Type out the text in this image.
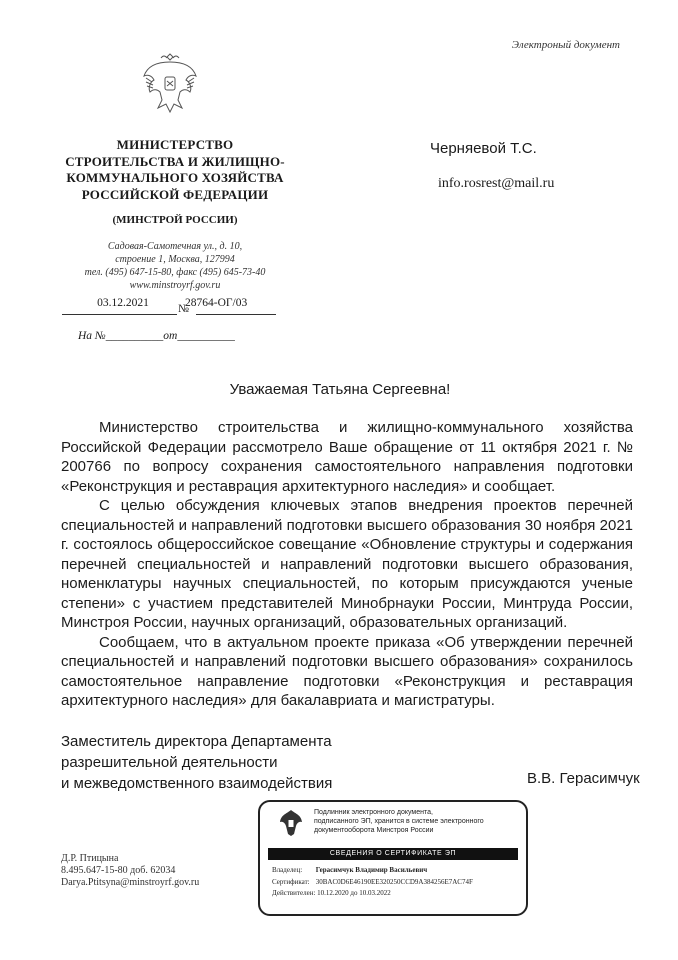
Электроный документ
МИНИСТЕРСТВО
СТРОИТЕЛЬСТВА И ЖИЛИЩНО-
КОММУНАЛЬНОГО ХОЗЯЙСТВА
РОССИЙСКОЙ ФЕДЕРАЦИИ
(МИНСТРОЙ РОССИИ)
Садовая-Самотечная ул., д. 10,
строение 1, Москва, 127994
тел. (495) 647-15-80, факс (495) 645-73-40
www.minstroyrf.gov.ru
03.12.2021	№
28764-ОГ/03
На №__________от__________
Черняевой Т.С.
info.rosrest@mail.ru
Уважаемая Татьяна Сергеевна!

Министерство строительства и жилищно-коммунального хозяйства Российской Федерации рассмотрело Ваше обращение от 11 октября 2021 г. № 200766 по вопросу сохранения самостоятельного направления подготовки «Реконструкция и реставрация архитектурного наследия» и сообщает.

С целью обсуждения ключевых этапов внедрения проектов перечней специальностей и направлений подготовки высшего образования 30 ноября 2021 г. состоялось общероссийское совещание «Обновление структуры и содержания перечней специальностей и направлений подготовки высшего образования, номенклатуры научных специальностей, по которым присуждаются ученые степени» с участием представителей Минобрнауки России, Минтруда России, Минстроя России, научных организаций, образовательных организаций.

Сообщаем, что в актуальном проекте приказа «Об утверждении перечней специальностей и направлений подготовки высшего образования» сохранилось самостоятельное направление подготовки «Реконструкция и реставрация архитектурного наследия» для бакалавриата и магистратуры.

Заместитель директора Департамента
разрешительной деятельности
и межведомственного взаимодействия	В.В. Герасимчук
Д.Р. Птицына
8.495.647-15-80 доб. 62034
Darya.Ptitsyna@minstroyrf.gov.ru
Подлинник электронного документа,
подписанного ЭП, хранится в системе электронного
документооборота Минстроя России
СВЕДЕНИЯ О СЕРТИФИКАТЕ ЭП
Владелец: Герасимчук Владимир Васильевич
Сертификат: 30BAC0D6E46190EE320250CCD9A384256E7AC74F
Действителен: 10.12.2020 до 10.03.2022
